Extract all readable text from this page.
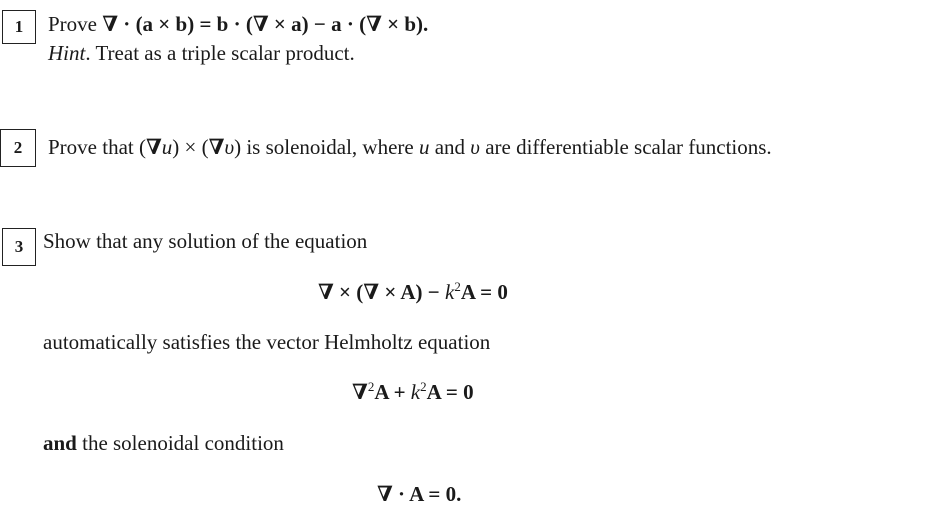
1	Prove ∇ · (a × b) = b · (∇ × a) − a · (∇ × b).
Hint. Treat as a triple scalar product.
2	Prove that (∇u) × (∇υ) is solenoidal, where u and υ are differentiable scalar functions.
3 Show that any solution of the equation
∇ × (∇ × $A) - k^2A = 0$
automatically satisfies the vector Helmholtz equation
$\nabla^2A + k^2A = 0$
and the solenoidal condition
∇ · A = 0.
